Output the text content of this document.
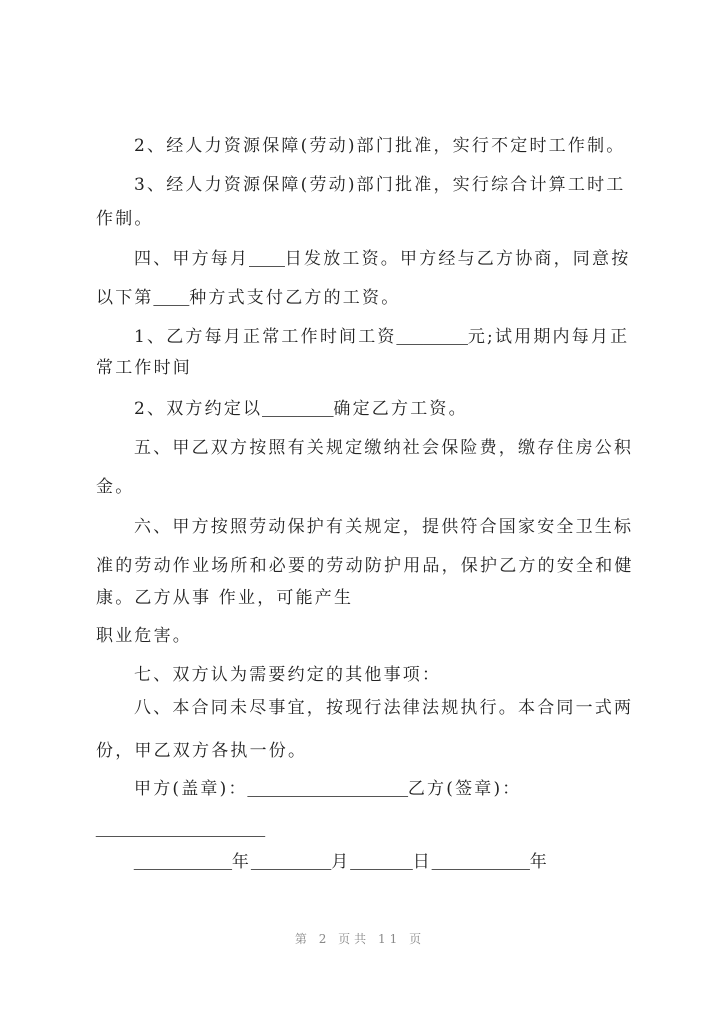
2、经人力资源保障(劳动)部门批准，实行不定时工作制。
3、经人力资源保障(劳动)部门批准，实行综合计算工时工
作制。
四、甲方每月____日发放工资。甲方经与乙方协商，同意按
以下第____种方式支付乙方的工资。
1、乙方每月正常工作时间工资________元;试用期内每月正
常工作时间
2、双方约定以________确定乙方工资。
五、甲乙双方按照有关规定缴纳社会保险费，缴存住房公积
金。
六、甲方按照劳动保护有关规定，提供符合国家安全卫生标
准的劳动作业场所和必要的劳动防护用品，保护乙方的安全和健
康。乙方从事 作业，可能产生
职业危害。
七、双方认为需要约定的其他事项：
八、本合同未尽事宜，按现行法律法规执行。本合同一式两
份，甲乙双方各执一份。
甲方(盖章)：__________________乙方(签章)：
___________________
___________年_________月_______日___________年
第 2 页共 11 页
